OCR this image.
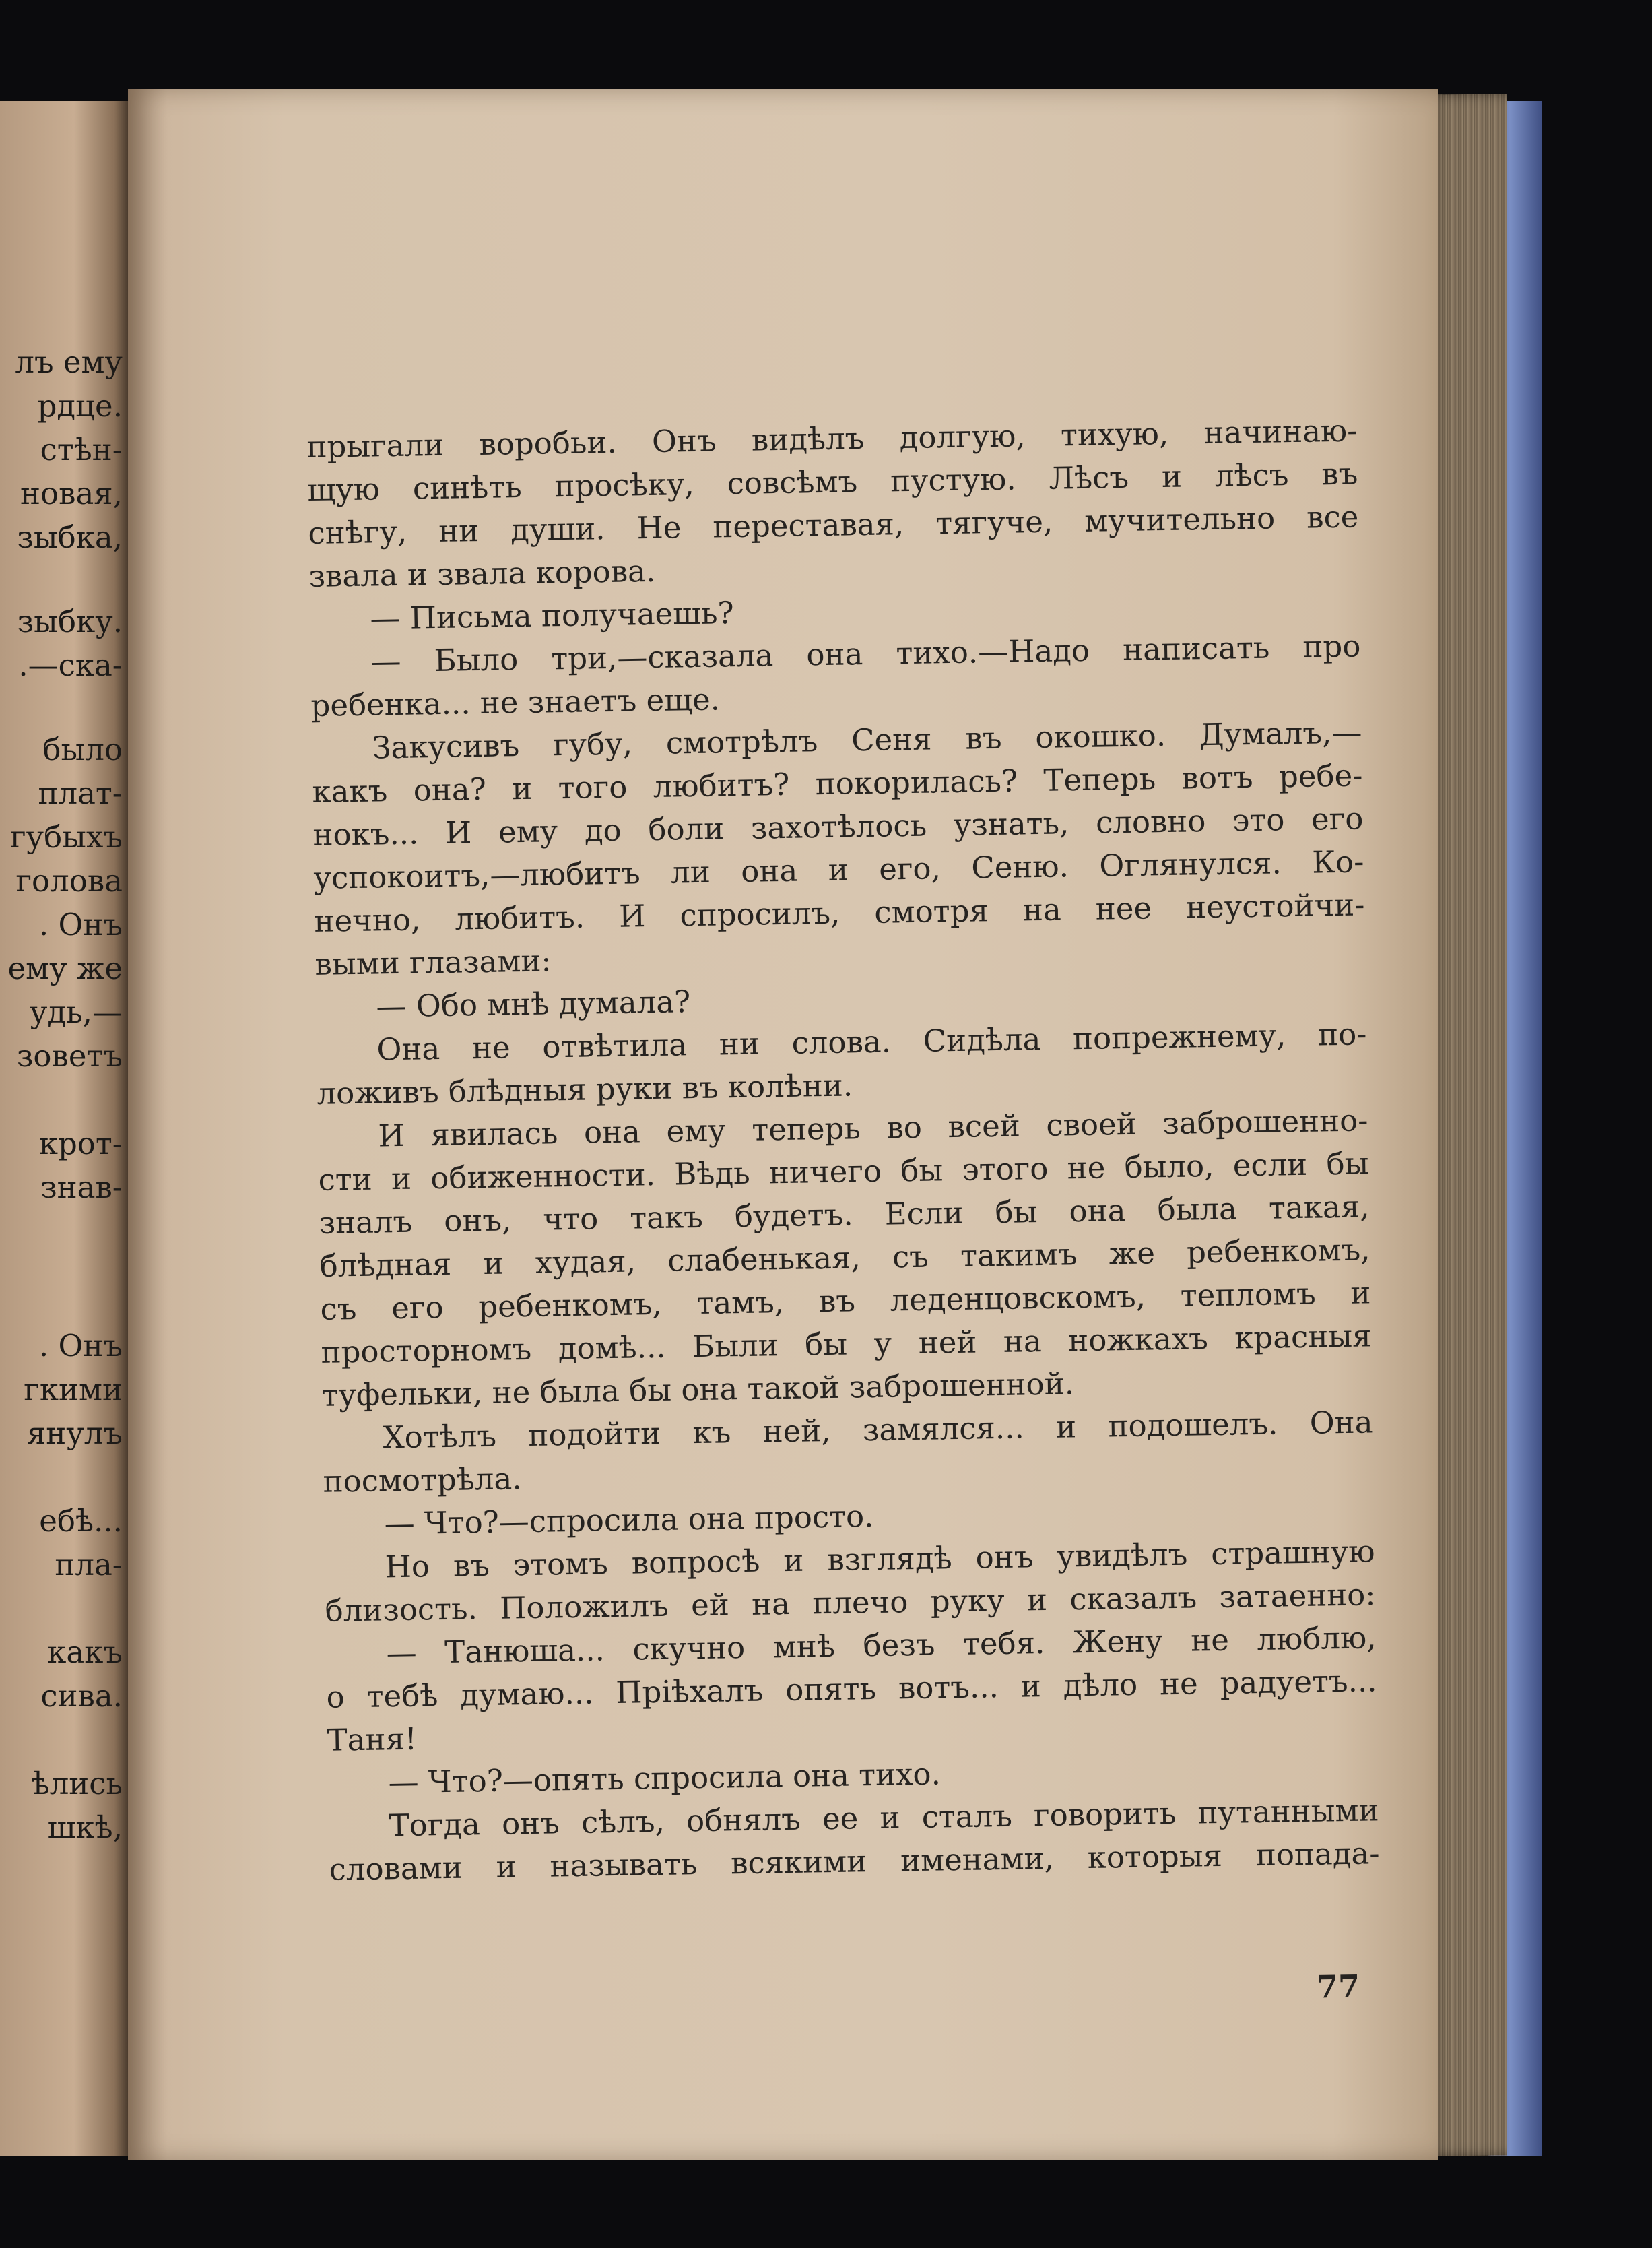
лъ ему
рдце.
стѣн-
новая,
зыбка,
зыбку.
.—ска-
было
плат-
губыхъ
голова
. Онъ
ему же
удь,—
зоветъ
крот-
знав-
. Онъ
гкими
янулъ
ебѣ...
пла-
какъ
сива.
ѣлись
шкѣ,
прыгали воробьи. Онъ видѣлъ долгую, тихую, начинаю-
щую синѣть просѣку, совсѣмъ пустую. Лѣсъ и лѣсъ въ
снѣгу, ни души. Не переставая, тягуче, мучительно все
звала и звала корова.
— Письма получаешь?
— Было три,—сказала она тихо.—Надо написать про
ребенка... не знаетъ еще.
Закусивъ губу, смотрѣлъ Сеня въ окошко. Думалъ,—
какъ она? и того любитъ? покорилась? Теперь вотъ ребе-
нокъ... И ему до боли захотѣлось узнать, словно это его
успокоитъ,—любитъ ли она и его, Сеню. Оглянулся. Ко-
нечно, любитъ. И спросилъ, смотря на нее неустойчи-
выми глазами:
— Обо мнѣ думала?
Она не отвѣтила ни слова. Сидѣла попрежнему, по-
ложивъ блѣдныя руки въ колѣни.
И явилась она ему теперь во всей своей заброшенно-
сти и обиженности. Вѣдь ничего бы этого не было, если бы
зналъ онъ, что такъ будетъ. Если бы она была такая,
блѣдная и худая, слабенькая, съ такимъ же ребенкомъ,
съ его ребенкомъ, тамъ, въ леденцовскомъ, тепломъ и
просторномъ домѣ... Были бы у ней на ножкахъ красныя
туфельки, не была бы она такой заброшенной.
Хотѣлъ подойти къ ней, замялся... и подошелъ. Она
посмотрѣла.
— Что?—спросила она просто.
Но въ этомъ вопросѣ и взглядѣ онъ увидѣлъ страшную
близость. Положилъ ей на плечо руку и сказалъ затаенно:
— Танюша... скучно мнѣ безъ тебя. Жену не люблю,
о тебѣ думаю... Пріѣхалъ опять вотъ... и дѣло не радуетъ...
Таня!
— Что?—опять спросила она тихо.
Тогда онъ сѣлъ, обнялъ ее и сталъ говорить путанными
словами и называть всякими именами, которыя попада-
77
